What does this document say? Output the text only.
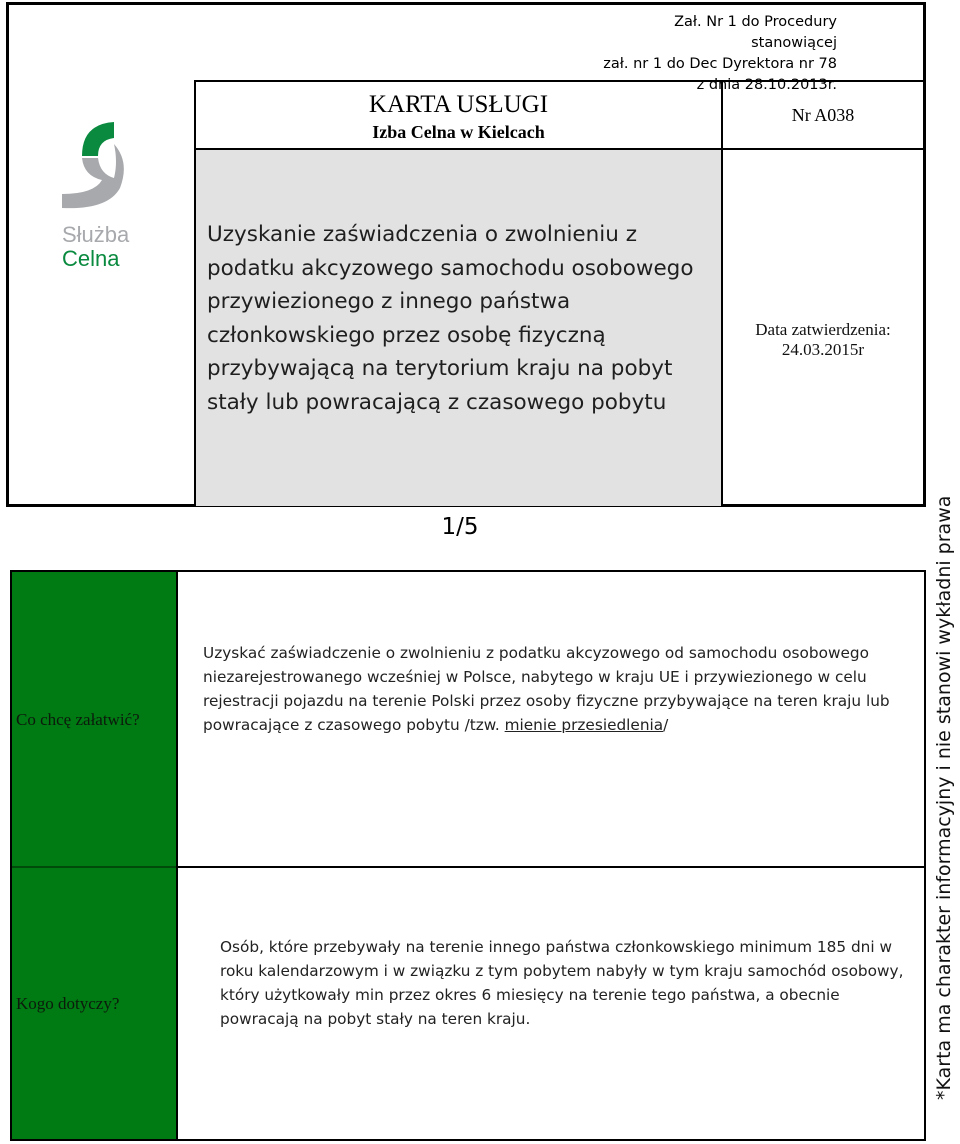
Zał. Nr 1 do Procedury stanowiącej
zał. nr 1 do Dec Dyrektora nr 78
z dnia 28.10.2013r.
KARTA USŁUGI
Izba Celna w Kielcach
Nr A038
Uzyskanie zaświadczenia o zwolnieniu z podatku akcyzowego samochodu osobowego przywiezionego z innego państwa członkowskiego przez osobę fizyczną przybywającą na terytorium kraju na pobyt stały lub powracającą z czasowego pobytu
Data zatwierdzenia:
24.03.2015r
Służba
Celna
1/5
Co chcę załatwić?
Uzyskać zaświadczenie o zwolnieniu z podatku akcyzowego od samochodu osobowego niezarejestrowanego wcześniej w Polsce, nabytego w kraju UE i przywiezionego w celu rejestracji pojazdu na terenie Polski przez osoby fizyczne przybywające na teren kraju lub powracające z czasowego pobytu /tzw. mienie przesiedlenia/
Kogo dotyczy?
Osób, które przebywały na terenie innego państwa członkowskiego minimum 185 dni w roku kalendarzowym i w związku z tym pobytem nabyły w tym kraju samochód osobowy, który użytkowały min przez okres 6 miesięcy na terenie tego państwa, a obecnie powracają na pobyt stały na teren kraju.	*Karta ma charakter informacyjny i nie stanowi wykładni prawa
